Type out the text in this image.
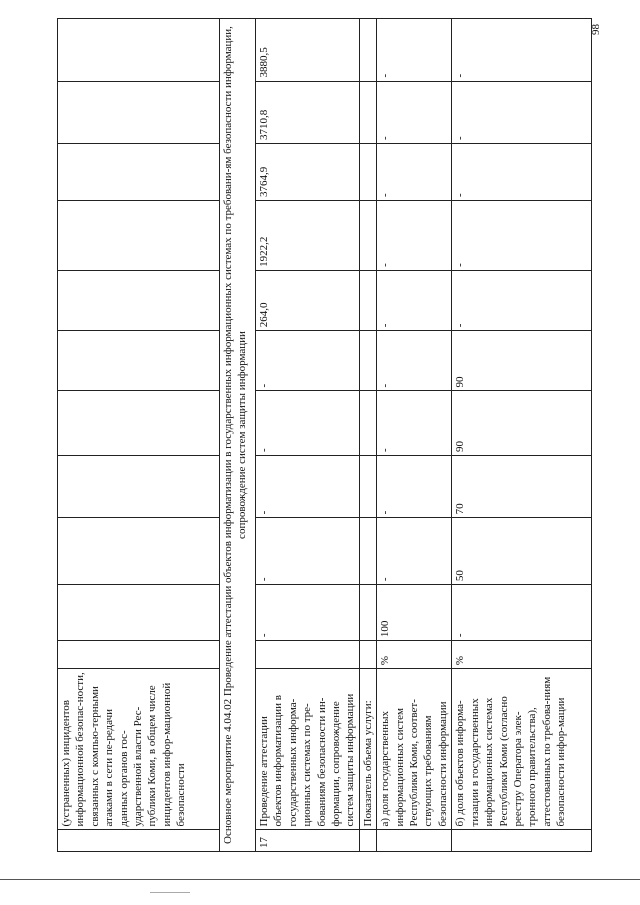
	(устраненных) инцидентов информационной безопас-ности, связанных с компью-терными атаками в сети пе-редачи данных органов гос-ударственной власти Рес-публики Коми, в общем числе инцидентов инфор-мационной безопасности											
Основное мероприятие 4.04.02 Проведение аттестации объектов информатизации в государственных информационных системах по требовани-ям безопасности информации, сопровождение систем защиты информации												
17	Проведение аттестации объектов информатизации в государственных информа-ционных системах по тре-бованиям безопасности ин-формации, сопровождение систем защиты информации		-	-	-	-	-	264,0	1922,2	3764,9	3710,8	3880,5
	Показатель объема услуги:											
	а) доля государственных информационных систем Республики Коми, соответ-ствующих требованиям безопасности информации	%	100	-	-	-	-	-	-	-	-	-
	б) доля объектов информа-тизации в государственных информационных системах Республики Коми (согласно реестру Оператора элек-тронного правительства), аттестованных по требова-ниям безопасности инфор-мации	%	-	50	70	90	90	-	-	-	-	-
98
